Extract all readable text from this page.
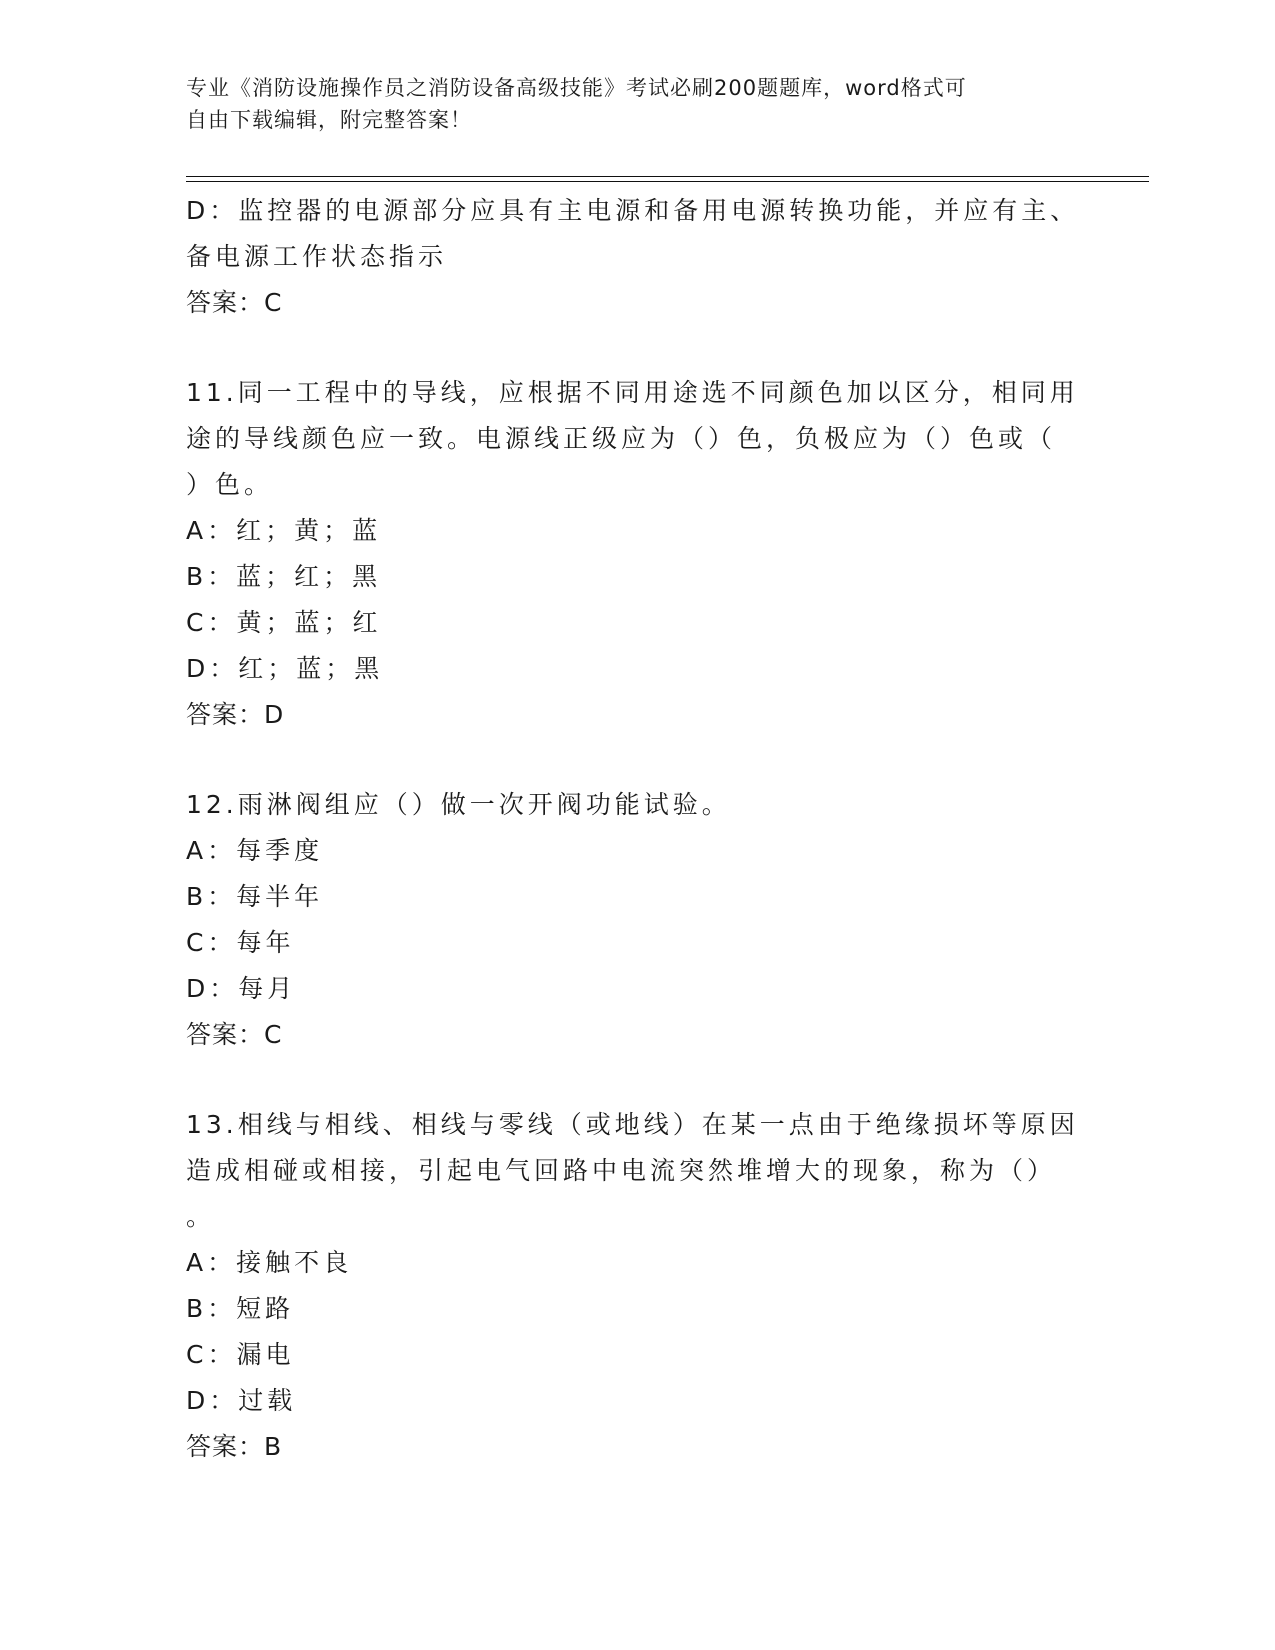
专业《消防设施操作员之消防设备高级技能》考试必刷200题题库，word格式可
自由下载编辑，附完整答案！
D：监控器的电源部分应具有主电源和备用电源转换功能，并应有主、
备电源工作状态指示
答案：C
11.同一工程中的导线，应根据不同用途选不同颜色加以区分，相同用
途的导线颜色应一致。电源线正级应为（）色，负极应为（）色或（
）色。
A：红；黄；蓝
B：蓝；红；黑
C：黄；蓝；红
D：红；蓝；黑
答案：D
12.雨淋阀组应（）做一次开阀功能试验。
A：每季度
B：每半年
C：每年
D：每月
答案：C
13.相线与相线、相线与零线（或地线）在某一点由于绝缘损坏等原因
造成相碰或相接，引起电气回路中电流突然堆增大的现象，称为（）
。
A：接触不良
B：短路
C：漏电
D：过载
答案：B
